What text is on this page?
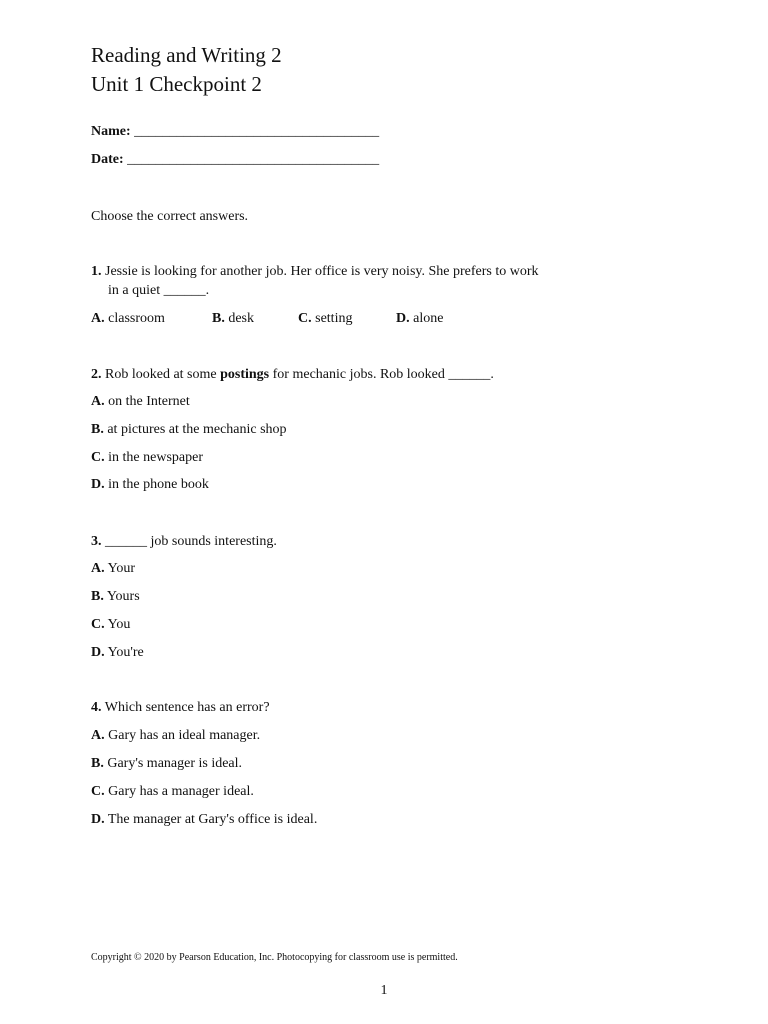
Reading and Writing 2
Unit 1 Checkpoint 2
Name: ___________________________________
Date: ____________________________________
Choose the correct answers.
1. Jessie is looking for another job. Her office is very noisy. She prefers to work
in a quiet ______.
A. classroom	B. desk	C. setting	D. alone
2. Rob looked at some postings for mechanic jobs. Rob looked ______.
A. on the Internet
B. at pictures at the mechanic shop
C. in the newspaper
D. in the phone book
3. ______ job sounds interesting.
A. Your
B. Yours
C. You
D. You're
4. Which sentence has an error?
A. Gary has an ideal manager.
B. Gary's manager is ideal.
C. Gary has a manager ideal.
D. The manager at Gary's office is ideal.
Copyright © 2020 by Pearson Education, Inc. Photocopying for classroom use is permitted.
1
